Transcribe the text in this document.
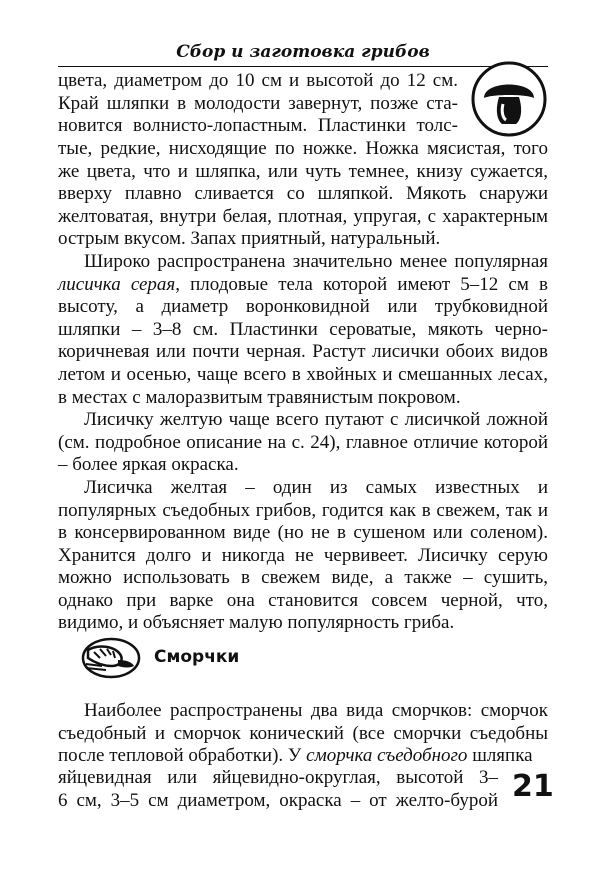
Сбор и заготовка грибов

цвета, диаметром до 10 см и высотой до 12 см.

Край шляпки в молодости завернут, позже ста-

новится волнисто-лопастным. Пластинки толс-

тые, редкие, нисходящие по ножке. Ножка мясистая, того же цвета, что и шляпка, или чуть темнее, книзу сужается, вверху плавно сливается со шляпкой. Мякоть снаружи желтоватая, внутри белая, плотная, упругая, с характерным острым вкусом. Запах приятный, натуральный.

Широко распространена значительно менее популярная лисичка серая, плодовые тела которой имеют 5–12 см в высоту, а диаметр воронковидной или трубковидной шляпки – 3–8 см. Пластинки сероватые, мякоть черно-коричневая или почти черная. Растут лисички обоих видов летом и осенью, чаще всего в хвойных и смешанных лесах, в местах с малоразвитым травянистым покровом.

Лисичку желтую чаще всего путают с лисичкой ложной (см. подробное описание на с. 24), главное отличие которой – более яркая окраска.

Лисичка желтая – один из самых известных и популярных съедобных грибов, годится как в свежем, так и в консервированном виде (но не в сушеном или соленом). Хранится долго и никогда не червивеет. Лисичку серую можно использовать в свежем виде, а также – сушить, однако при варке она становится совсем черной, что, видимо, и объясняет малую популярность гриба.

Сморчки

Наиболее распространены два вида сморчков: сморчок съедобный и сморчок конический (все сморчки съедобны после тепловой обработки). У сморчка съедобного шляпка

яйцевидная или яйцевидно-округлая, высотой 3–

6 см, 3–5 см диаметром, окраска – от желто-бурой 21
